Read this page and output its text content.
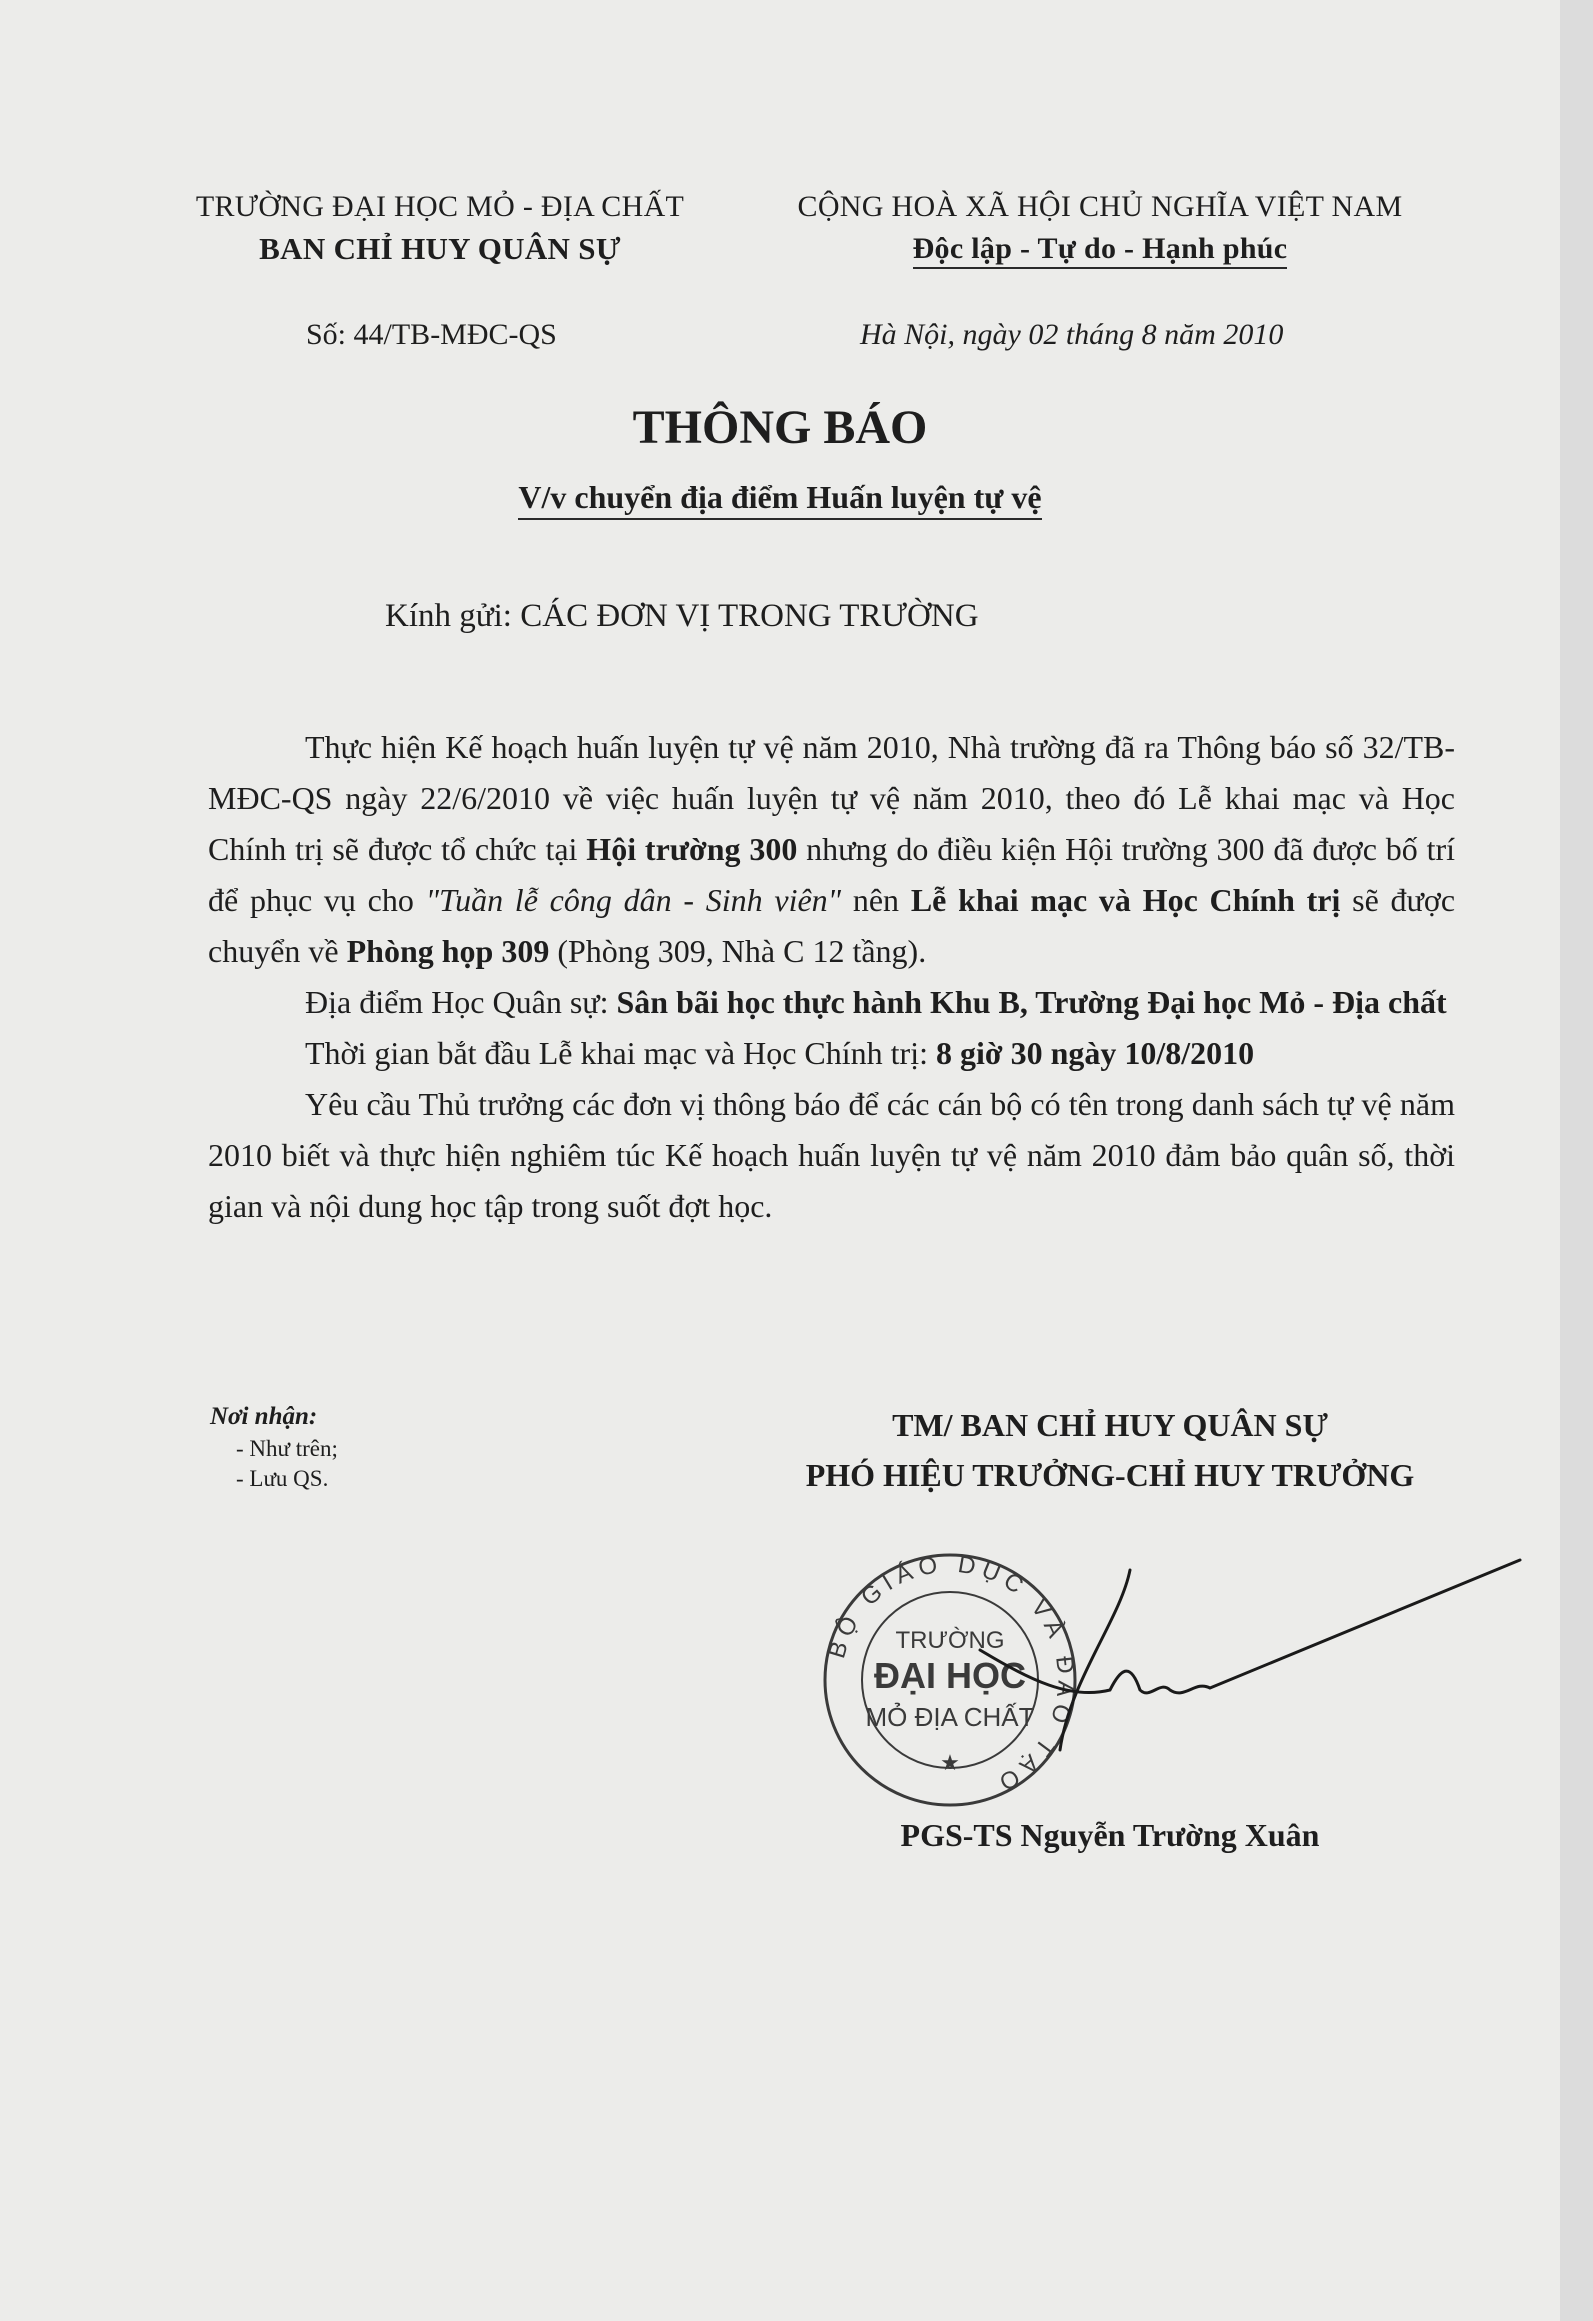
TRƯỜNG ĐẠI HỌC MỎ - ĐỊA CHẤT
BAN CHỈ HUY QUÂN SỰ
CỘNG HOÀ XÃ HỘI CHỦ NGHĨA VIỆT NAM
Độc lập - Tự do - Hạnh phúc
Số: 44/TB-MĐC-QS	Hà Nội, ngày 02 tháng 8 năm 2010
THÔNG BÁO
V/v chuyển địa điểm Huấn luyện tự vệ
Kính gửi: CÁC ĐƠN VỊ TRONG TRƯỜNG

Thực hiện Kế hoạch huấn luyện tự vệ năm 2010, Nhà trường đã ra Thông báo số 32/TB-MĐC-QS ngày 22/6/2010 về việc huấn luyện tự vệ năm 2010, theo đó Lễ khai mạc và Học Chính trị sẽ được tổ chức tại Hội trường 300 nhưng do điều kiện Hội trường 300 đã được bố trí để phục vụ cho "Tuần lễ công dân - Sinh viên" nên Lễ khai mạc và Học Chính trị sẽ được chuyển về Phòng họp 309 (Phòng 309, Nhà C 12 tầng).

Địa điểm Học Quân sự: Sân bãi học thực hành Khu B, Trường Đại học Mỏ - Địa chất

Thời gian bắt đầu Lễ khai mạc và Học Chính trị: 8 giờ 30 ngày 10/8/2010

Yêu cầu Thủ trưởng các đơn vị thông báo để các cán bộ có tên trong danh sách tự vệ năm 2010 biết và thực hiện nghiêm túc Kế hoạch huấn luyện tự vệ năm 2010 đảm bảo quân số, thời gian và nội dung học tập trong suốt đợt học.

Nơi nhận:
- Như trên;
- Lưu QS.
TM/ BAN CHỈ HUY QUÂN SỰ
PHÓ HIỆU TRƯỞNG-CHỈ HUY TRƯỞNG
BỘ GIÁO DỤC VÀ ĐÀO TẠO
TRƯỜNG
ĐẠI HỌC
MỎ ĐỊA CHẤT
★
PGS-TS Nguyễn Trường Xuân
